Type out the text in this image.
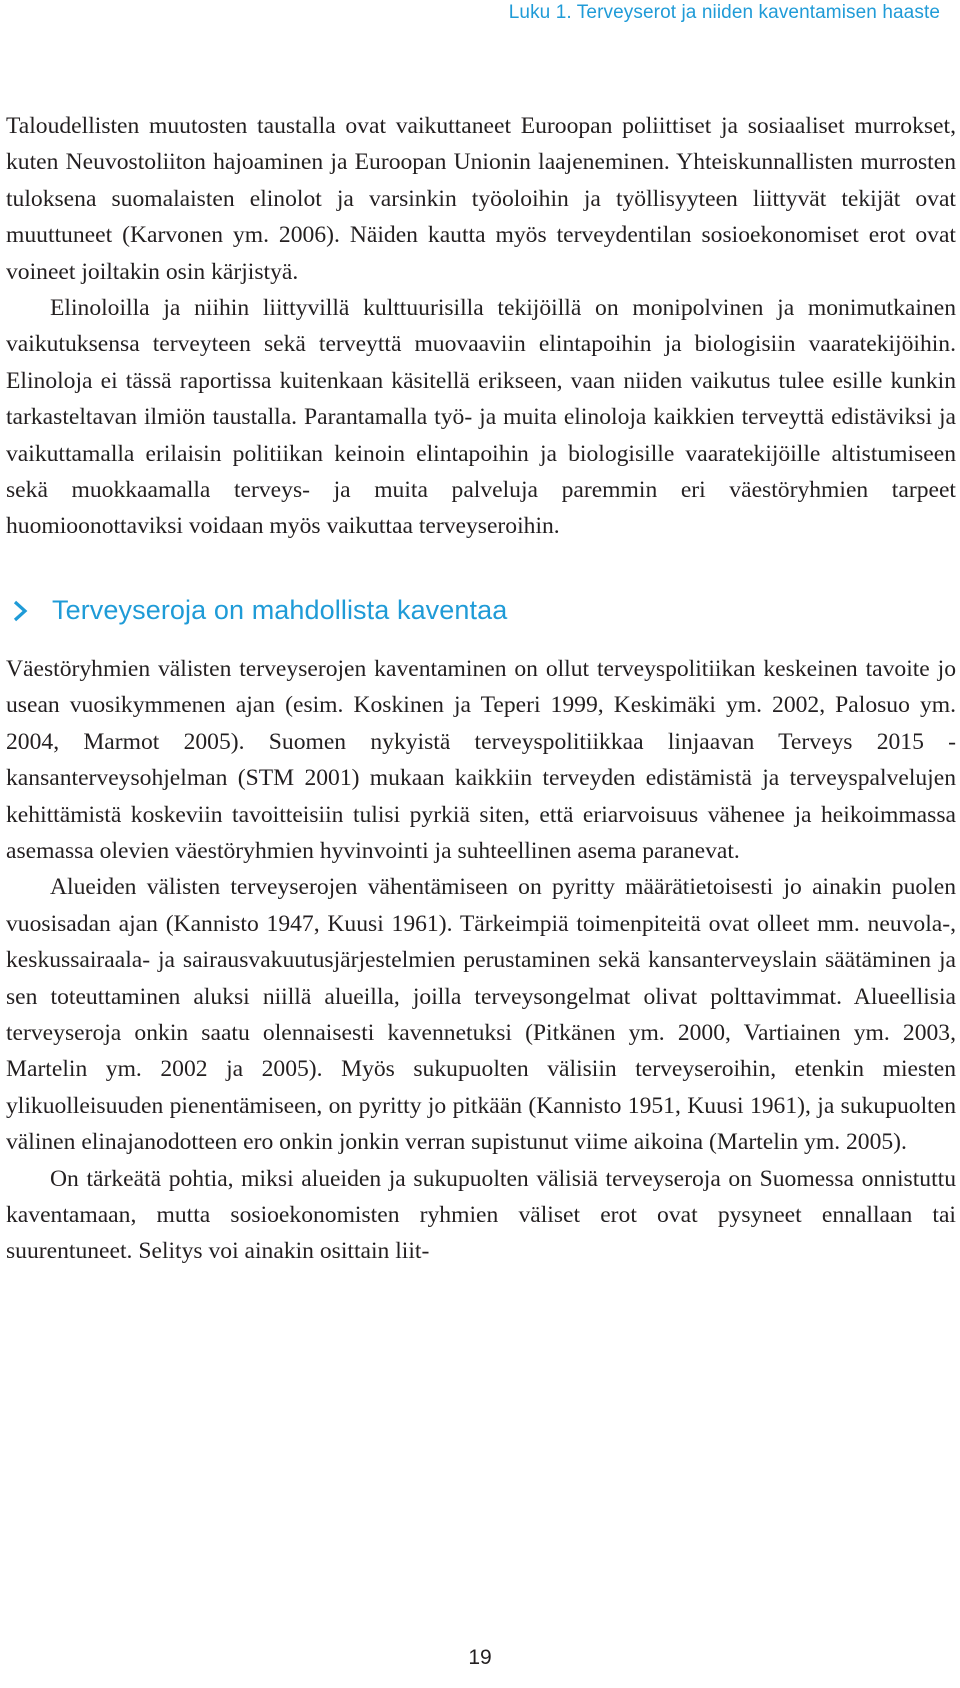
Luku 1. Terveyserot ja niiden kaventamisen haaste

Taloudellisten muutosten taustalla ovat vaikuttaneet Euroopan poliittiset ja sosiaaliset murrokset, kuten Neuvostoliiton hajoaminen ja Euroopan Unionin laajeneminen. Yhteiskunnallisten murrosten tuloksena suomalaisten elinolot ja varsinkin työoloihin ja työllisyyteen liittyvät tekijät ovat muuttuneet (Karvonen ym. 2006). Näiden kautta myös terveydentilan sosioekonomiset erot ovat voineet joiltakin osin kärjistyä.

Elinoloilla ja niihin liittyvillä kulttuurisilla tekijöillä on monipolvinen ja monimutkainen vaikutuksensa terveyteen sekä terveyttä muovaaviin elintapoihin ja biologisiin vaaratekijöihin. Elinoloja ei tässä raportissa kuitenkaan käsitellä erikseen, vaan niiden vaikutus tulee esille kunkin tarkasteltavan ilmiön taustalla. Parantamalla työ- ja muita elinoloja kaikkien terveyttä edistäviksi ja vaikuttamalla erilaisin politiikan keinoin elintapoihin ja biologisille vaaratekijöille altistumiseen sekä muokkaamalla terveys- ja muita palveluja paremmin eri väestöryhmien tarpeet huomioonottaviksi voidaan myös vaikuttaa terveyseroihin.

Terveyseroja on mahdollista kaventaa

Väestöryhmien välisten terveyserojen kaventaminen on ollut terveyspolitiikan keskeinen tavoite jo usean vuosikymmenen ajan (esim. Koskinen ja Teperi 1999, Keskimäki ym. 2002, Palosuo ym. 2004, Marmot 2005). Suomen nykyistä terveyspolitiikkaa linjaavan Terveys 2015 -kansanterveysohjelman (STM 2001) mukaan kaikkiin terveyden edistämistä ja terveyspalvelujen kehittämistä koskeviin tavoitteisiin tulisi pyrkiä siten, että eriarvoisuus vähenee ja heikoimmassa asemassa olevien väestöryhmien hyvinvointi ja suhteellinen asema paranevat.

Alueiden välisten terveyserojen vähentämiseen on pyritty määrätietoisesti jo ainakin puolen vuosisadan ajan (Kannisto 1947, Kuusi 1961). Tärkeimpiä toimenpiteitä ovat olleet mm. neuvola-, keskussairaala- ja sairausvakuutusjärjestelmien perustaminen sekä kansanterveyslain säätäminen ja sen toteuttaminen aluksi niillä alueilla, joilla terveysongelmat olivat polttavimmat. Alueellisia terveyseroja onkin saatu olennaisesti kavennetuksi (Pitkänen ym. 2000, Vartiainen ym. 2003, Martelin ym. 2002 ja 2005). Myös sukupuolten välisiin terveyseroihin, etenkin miesten ylikuolleisuuden pienentämiseen, on pyritty jo pitkään (Kannisto 1951, Kuusi 1961), ja sukupuolten välinen elinajanodotteen ero onkin jonkin verran supistunut viime aikoina (Martelin ym. 2005).

On tärkeätä pohtia, miksi alueiden ja sukupuolten välisiä terveyseroja on Suomessa onnistuttu kaventamaan, mutta sosioekonomisten ryhmien väliset erot ovat pysyneet ennallaan tai suurentuneet. Selitys voi ainakin osittain liit-

19
